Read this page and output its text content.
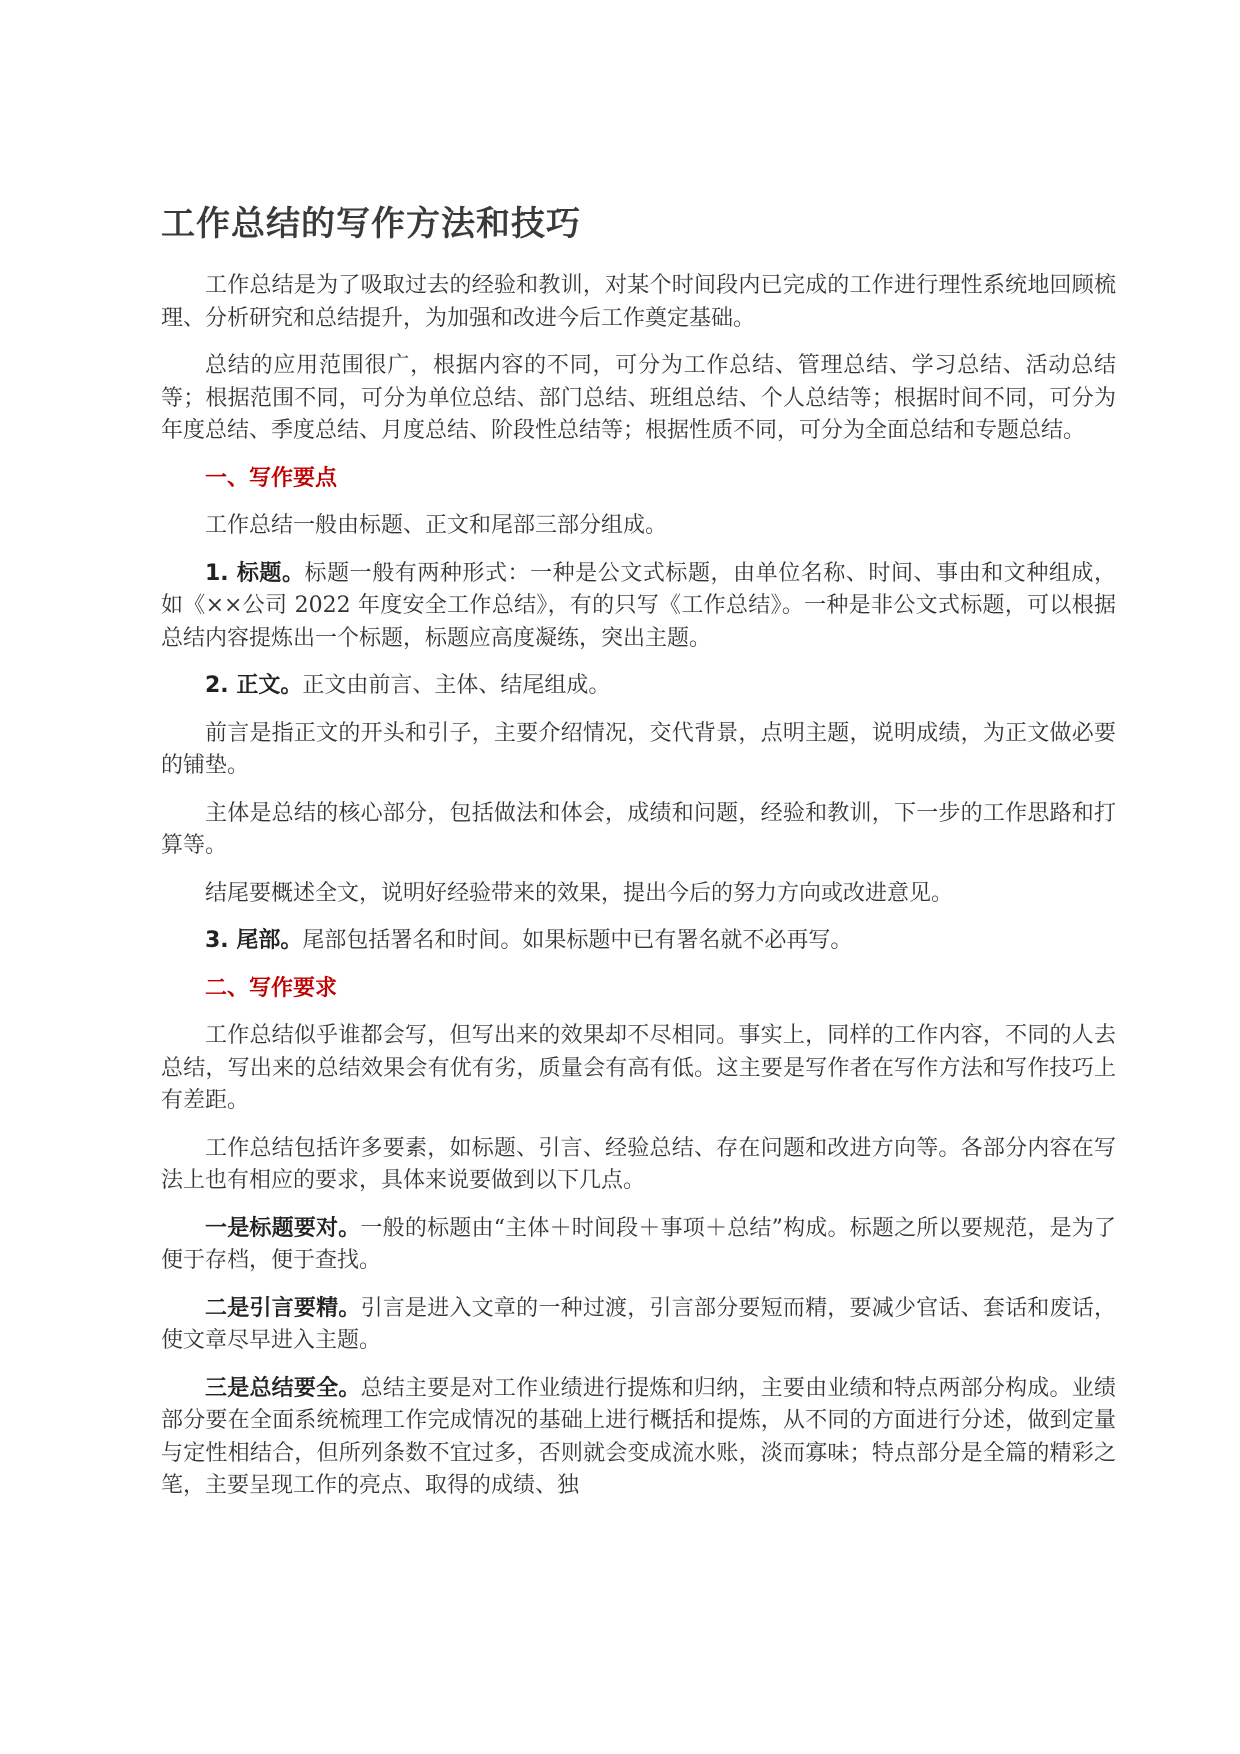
工作总结的写作方法和技巧

工作总结是为了吸取过去的经验和教训，对某个时间段内已完成的工作进行理性系统地回顾梳理、分析研究和总结提升，为加强和改进今后工作奠定基础。

总结的应用范围很广，根据内容的不同，可分为工作总结、管理总结、学习总结、活动总结等；根据范围不同，可分为单位总结、部门总结、班组总结、个人总结等；根据时间不同，可分为年度总结、季度总结、月度总结、阶段性总结等；根据性质不同，可分为全面总结和专题总结。

一、写作要点

工作总结一般由标题、正文和尾部三部分组成。

1. 标题。标题一般有两种形式：一种是公文式标题，由单位名称、时间、事由和文种组成，如《××公司 2022 年度安全工作总结》，有的只写《工作总结》。一种是非公文式标题，可以根据总结内容提炼出一个标题，标题应高度凝练，突出主题。

2. 正文。正文由前言、主体、结尾组成。

前言是指正文的开头和引子，主要介绍情况，交代背景，点明主题，说明成绩，为正文做必要的铺垫。

主体是总结的核心部分，包括做法和体会，成绩和问题，经验和教训，下一步的工作思路和打算等。

结尾要概述全文，说明好经验带来的效果，提出今后的努力方向或改进意见。

3. 尾部。尾部包括署名和时间。如果标题中已有署名就不必再写。

二、写作要求

工作总结似乎谁都会写，但写出来的效果却不尽相同。事实上，同样的工作内容，不同的人去总结，写出来的总结效果会有优有劣，质量会有高有低。这主要是写作者在写作方法和写作技巧上有差距。

工作总结包括许多要素，如标题、引言、经验总结、存在问题和改进方向等。各部分内容在写法上也有相应的要求，具体来说要做到以下几点。

一是标题要对。一般的标题由“主体＋时间段＋事项＋总结”构成。标题之所以要规范，是为了便于存档，便于查找。

二是引言要精。引言是进入文章的一种过渡，引言部分要短而精，要减少官话、套话和废话，使文章尽早进入主题。

三是总结要全。总结主要是对工作业绩进行提炼和归纳，主要由业绩和特点两部分构成。业绩部分要在全面系统梳理工作完成情况的基础上进行概括和提炼，从不同的方面进行分述，做到定量与定性相结合，但所列条数不宜过多，否则就会变成流水账，淡而寡味；特点部分是全篇的精彩之笔，主要呈现工作的亮点、取得的成绩、独
